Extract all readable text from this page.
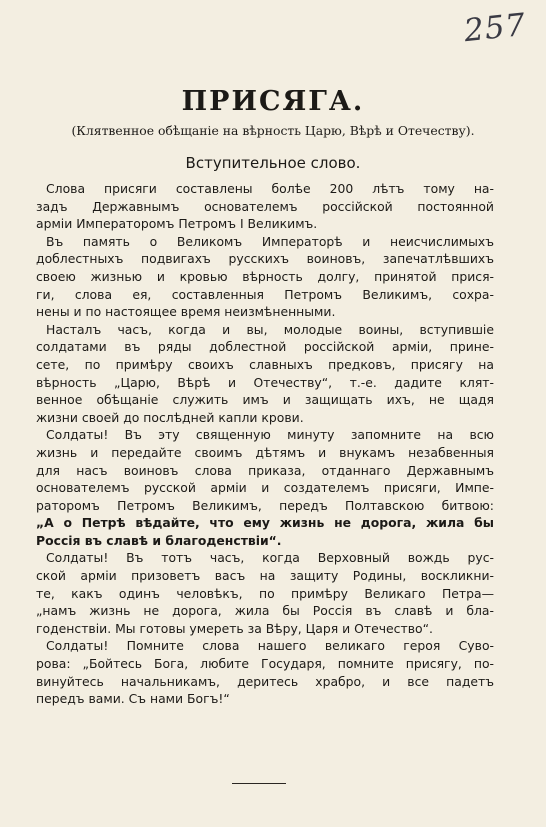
257
ПРИСЯГА.
(Клятвенное обѣщаніе на вѣрность Царю, Вѣрѣ и Отечеству).
Вступительное слово.
Слова присяги составлены болѣе 200 лѣтъ тому на-
задъ Державнымъ основателемъ россійской постоянной
арміи Императоромъ Петромъ I Великимъ.
Въ память о Великомъ Императорѣ и неисчислимыхъ
доблестныхъ подвигахъ русскихъ воиновъ, запечатлѣвшихъ
своею жизнью и кровью вѣрность долгу, принятой прися-
ги, слова ея, составленныя Петромъ Великимъ, сохра-
нены и по настоящее время неизмѣненными.
Насталъ часъ, когда и вы, молодые воины, вступившіе
солдатами въ ряды доблестной россійской арміи, прине-
сете, по примѣру своихъ славныхъ предковъ, присягу на
вѣрность „Царю, Вѣрѣ и Отечеству“, т.-е. дадите клят-
венное обѣщаніе служить имъ и защищать ихъ, не щадя
жизни своей до послѣдней капли крови.
Солдаты! Въ эту священную минуту запомните на всю
жизнь и передайте своимъ дѣтямъ и внукамъ незабвенныя
для насъ воиновъ слова приказа, отданнаго Державнымъ
основателемъ русской арміи и создателемъ присяги, Импе-
раторомъ Петромъ Великимъ, передъ Полтавскою битвою:
„А о Петрѣ вѣдайте, что ему жизнь не дорога, жила бы
Россія въ славѣ и благоденствіи“.
Солдаты! Въ тотъ часъ, когда Верховный вождь рус-
ской арміи призоветъ васъ на защиту Родины, воскликни-
те, какъ одинъ человѣкъ, по примѣру Великаго Петра—
„намъ жизнь не дорога, жила бы Россія въ славѣ и бла-
годенствіи. Мы готовы умереть за Вѣру, Царя и Отечество“.
Солдаты! Помните слова нашего великаго героя Суво-
рова: „Бойтесь Бога, любите Государя, помните присягу, по-
винуйтесь начальникамъ, деритесь храбро, и все падетъ
передъ вами. Съ нами Богъ!“
